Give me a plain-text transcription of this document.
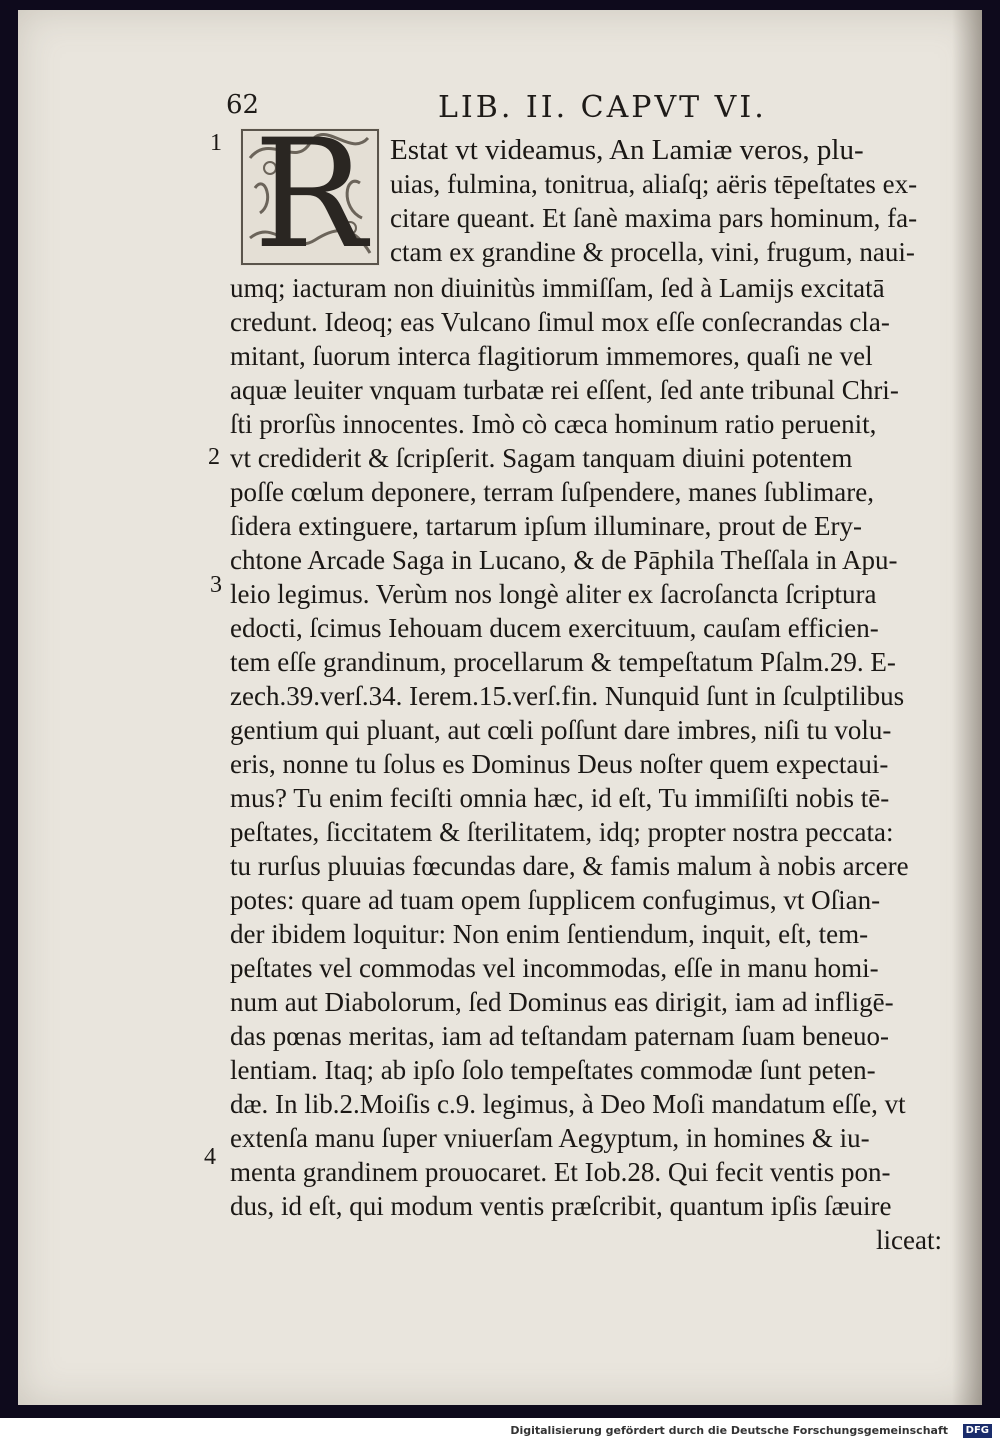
62	LIB. II. CAPVT VI.
R
1
2
3
4
Estat vt videamus, An Lamiæ veros, plu-
uias, fulmina, tonitrua, aliaſq; aëris tēpeſtates ex-
citare queant. Et ſanè maxima pars hominum, fa-
ctam ex grandine & procella, vini, frugum, naui-
umq; iacturam non diuinitùs immiſſam, ſed à Lamijs excitatā
credunt. Ideoq; eas Vulcano ſimul mox eſſe conſecrandas cla-
mitant, ſuorum interca flagitiorum immemores, quaſi ne vel
aquæ leuiter vnquam turbatæ rei eſſent, ſed ante tribunal Chri-
ſti prorſùs innocentes. Imò cò cæca hominum ratio peruenit,
vt crediderit & ſcripſerit. Sagam tanquam diuini potentem
poſſe cœlum deponere, terram ſuſpendere, manes ſublimare,
ſidera extinguere, tartarum ipſum illuminare, prout de Ery-
chtone Arcade Saga in Lucano, & de Pāphila Theſſala in Apu-
leio legimus. Verùm nos longè aliter ex ſacroſanctа ſcriptura
edocti, ſcimus Iehouam ducem exercituum, cauſam efficien-
tem eſſe grandinum, procellarum & tempeſtatum Pſalm.29. E-
zech.39.verſ.34. Ierem.15.verſ.fin. Nunquid ſunt in ſculptilibus
gentium qui pluant, aut cœli poſſunt dare imbres, niſi tu volu-
eris, nonne tu ſolus es Dominus Deus noſter quem expectaui-
mus? Tu enim feciſti omnia hæc, id eſt, Tu immiſiſti nobis tē-
peſtates, ſiccitatem & ſterilitatem, idq; propter nostra peccata:
tu rurſus pluuias fœcundas dare, & famis malum à nobis arcere
potes: quare ad tuam opem ſupplicem confugimus, vt Oſian-
der ibidem loquitur: Non enim ſentiendum, inquit, eſt, tem-
peſtates vel commodas vel incommodas, eſſe in manu homi-
num aut Diabolorum, ſed Dominus eas dirigit, iam ad infligē-
das pœnas meritas, iam ad teſtandam paternam ſuam beneuo-
lentiam. Itaq; ab ipſo ſolo tempeſtates commodæ ſunt peten-
dæ. In lib.2.Moiſis c.9. legimus, à Deo Moſi mandatum eſſe, vt
extenſa manu ſuper vniuerſam Aegyptum, in homines & iu-
menta grandinem prouocaret. Et Iob.28. Qui fecit ventis pon-
dus, id eſt, qui modum ventis præſcribit, quantum ipſis ſæuire
liceat:
Digitalisierung gefördert durch die Deutsche Forschungsgemeinschaft	DFG
